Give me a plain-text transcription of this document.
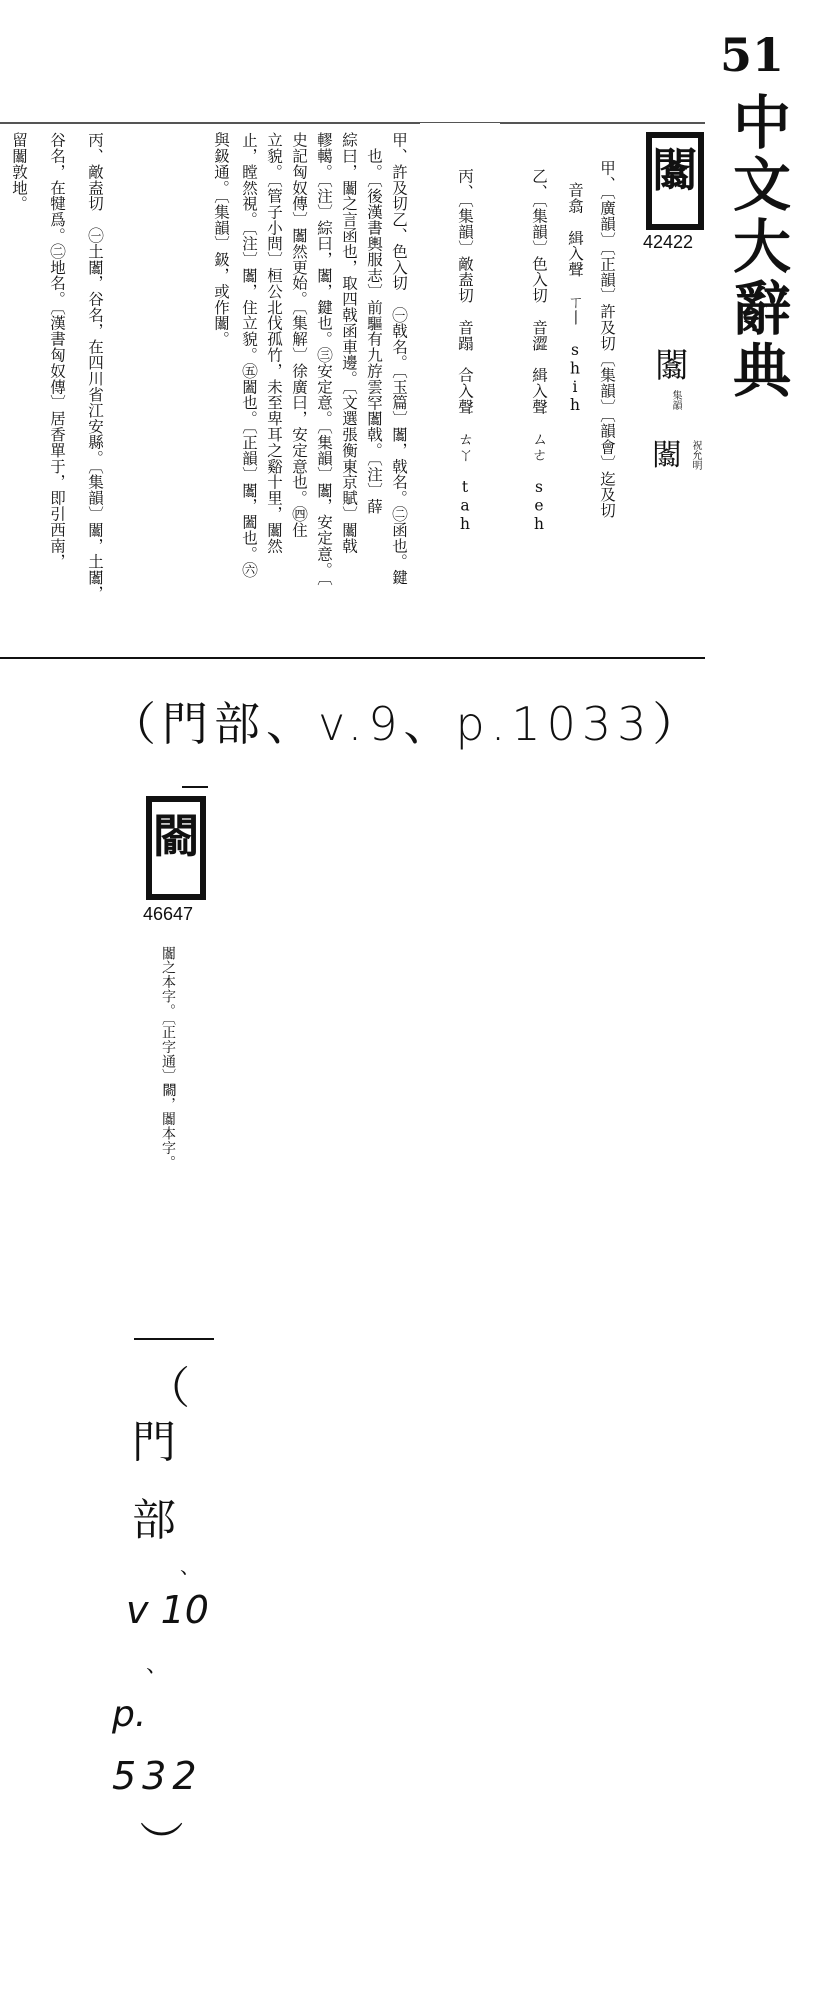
51
中文大辭典
闟
42422
闟
集韻
闟 祝允明
甲、〔廣韻〕〔正韻〕許及切〔集韻〕〔韻會〕迄及切
音翕　緝入聲　ㄒ丨　shih
乙、〔集韻〕色入切　音澀　緝入聲　ㄙㄜ　seh
丙、〔集韻〕敵盍切　音蹋　合入聲　ㄊㄚ　tah
甲、許及切乙、色入切　㊀戟名。〔玉篇〕闟，戟名。㊁函也。鍵
也。〔後漢書輿服志〕前驅有九斿雲罕闟戟。〔注〕薛
綜曰，闟之言函也，取四戟函車邊。〔文選張衡東京賦〕闟戟
轇轕。〔注〕綜曰，闟，鍵也。㊂安定意。〔集韻〕闟，安定意。〔
史記匈奴傳〕闟然更始。〔集解〕徐廣曰，安定意也。㊃住
立貌。〔管子小問〕桓公北伐孤竹，未至卑耳之谿十里，闟然
止，瞠然視。〔注〕闟，住立貌。㊄闔也。〔正韻〕闟，闔也。㊅
與鈒通。〔集韻〕鈒，或作闟。
丙、敵盍切　㊀土闟，谷名，在四川省江安縣。〔集韻〕闟，土闟，
谷名，在犍爲。㊁地名。〔漢書匈奴傳〕居香單于，即引西南，
留闟敦地。
（門部、v.9、p.1033）
𨵦
46647
闟之本字。〔正字通〕𨵦，闟本字。
（
門
部
、
v 10
、
p.
532
）
